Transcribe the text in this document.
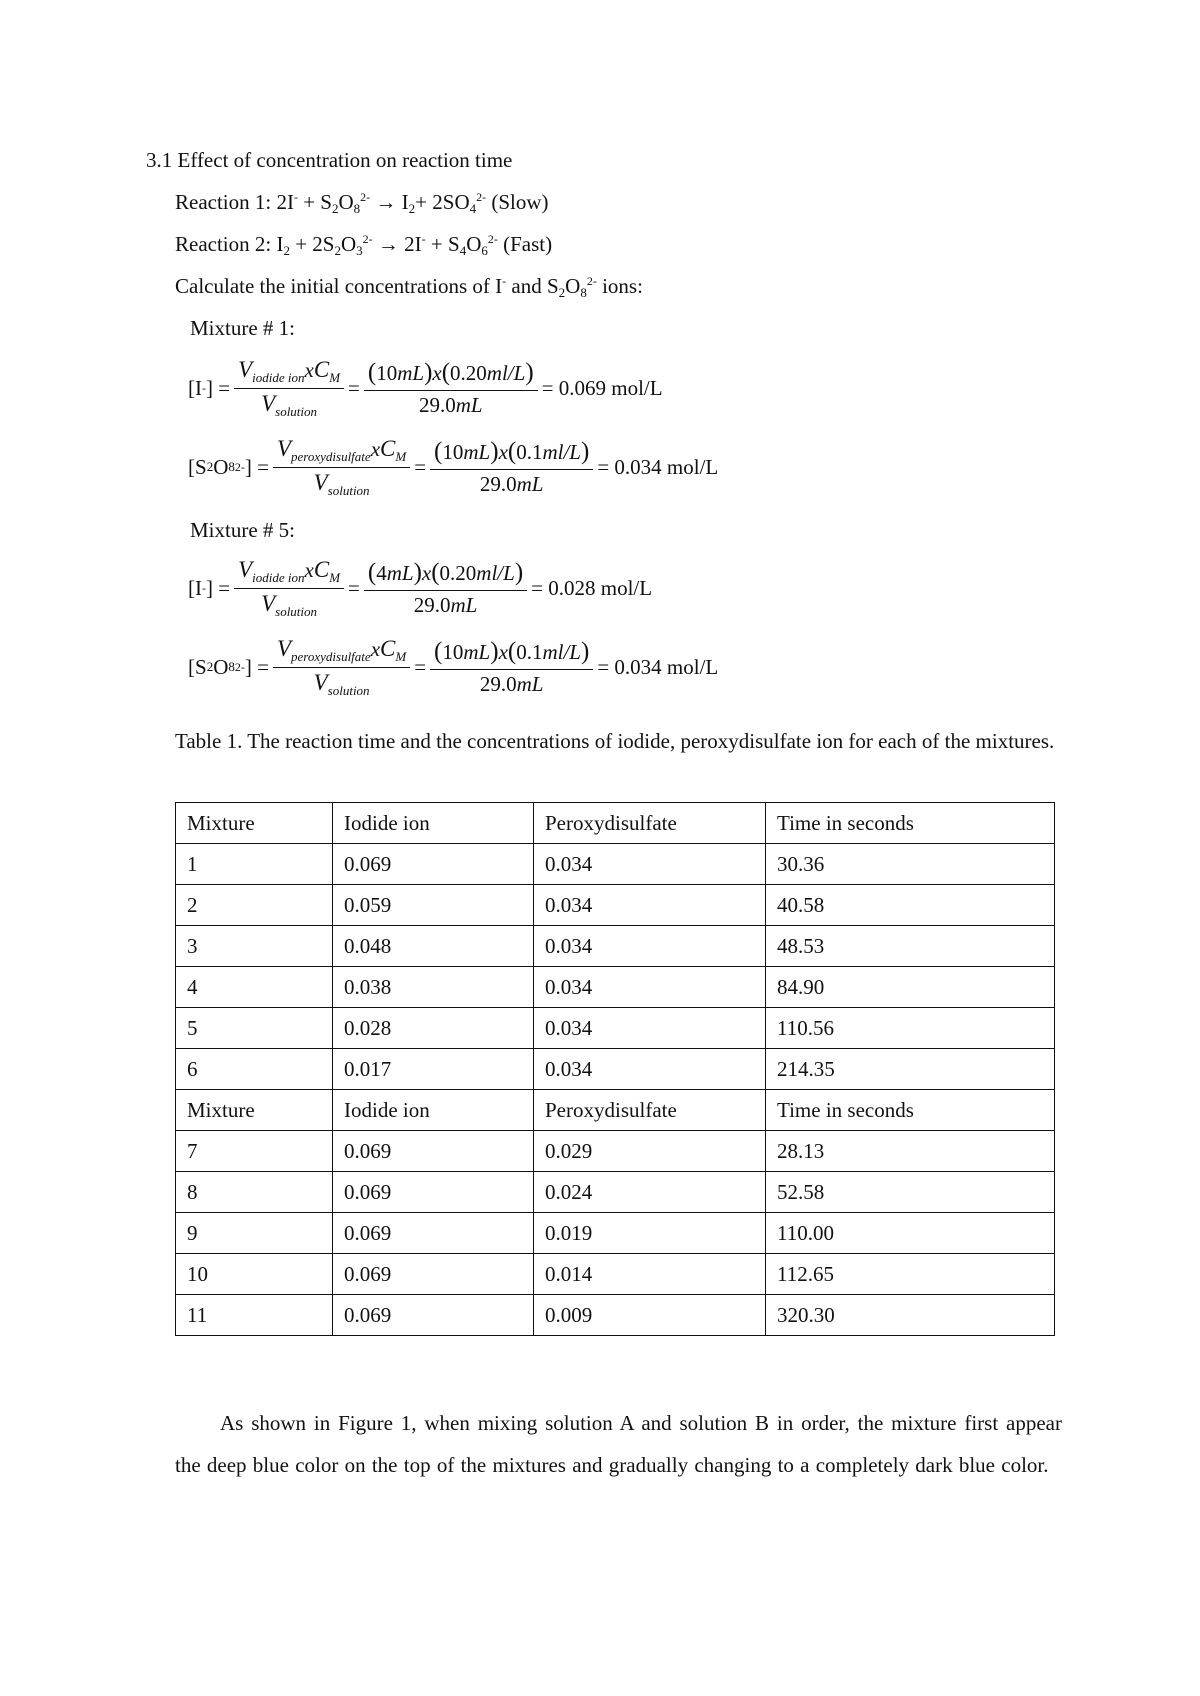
3.1 Effect of concentration on reaction time
Reaction 1: $2I^- + S_2O_8^{2-} \to I_2+ 2SO_4^{2-}$ (Slow)
Reaction 2: $I_2 + 2S_2O_3^{2-} \to 2I^- + S_4O_6^{2-}$ (Fast)
Calculate the initial concentrations of I- and $S_2O_8^{2-}$ ions:
Mixture # 1:
[I - ] = $\frac{V_{iodide ion}xC_M}{V_{solution}} = \frac{(10mL)x(0.20ml/L)}{29.0mL} = 0.069$ mol/L
[S 2 O 8 2- ] = $\frac{V_{peroxydisulfate}xC_M}{V_{solution}} = \frac{(10mL)x(0.1ml/L)}{29.0mL} = 0.034$ mol/L
Mixture # 5:
[I - ] = $\frac{V_{iodide ion}xC_M}{V_{solution}} = \frac{(4mL)x(0.20ml/L)}{29.0mL} = 0.028$ mol/L
[S 2 O 8 2- ] = $\frac{V_{peroxydisulfate}xC_M}{V_{solution}} = \frac{(10mL)x(0.1ml/L)}{29.0mL} = 0.034$ mol/L
Table 1. The reaction time and the concentrations of iodide, peroxydisulfate ion for each of the mixtures.
Mixture	Iodide ion	Peroxydisulfate	Time in seconds
1	0.069	0.034	30.36
2	0.059	0.034	40.58
3	0.048	0.034	48.53
4	0.038	0.034	84.90
5	0.028	0.034	110.56
6	0.017	0.034	214.35
Mixture	Iodide ion	Peroxydisulfate	Time in seconds
7	0.069	0.029	28.13
8	0.069	0.024	52.58
9	0.069	0.019	110.00
10	0.069	0.014	112.65
11	0.069	0.009	320.30
As shown in Figure 1, when mixing solution A and solution B in order, the mixture first appear the deep blue color on the top of the mixtures and gradually changing to a completely dark blue color.
